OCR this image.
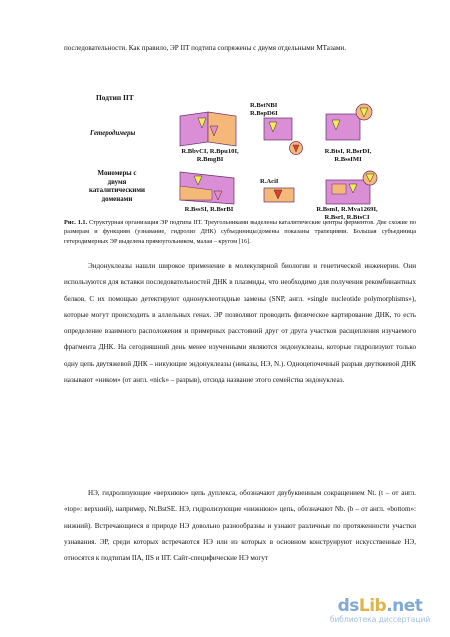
последовательности. Как правило, ЭР IIT подтипа сопряжены с двумя отдельными МТазами.

Подтип IIT
Гетеродимеры
Мономеры с
двумя
каталитическими
доменами
R.BbvCI, R.Bpu10I,
R.BmgBI
R.BstNBI
R.BspD6I
R.BtsI, R.BsrDI,
R.BssIMI
R.BssSI, R.BsrBI
R.AciI
R.BsmI, R.Mva1269I,
R.BsrI, R.BtsCI

Рис. 1.1. Структурная организация ЭР подтипа IIT. Треугольниками выделены каталитические центры ферментов. Две схожие по размерам и функциям (узнавание, гидролиз ДНК) субъединицы/домены показаны трапециями. Большая субъединица гетеродимерных ЭР выделена прямоугольником, малая – кругом [16].

Эндонуклеазы нашли широкое применение в молекулярной биологии и генетической инженерии. Они используются для вставки последовательностей ДНК в плазмиды, что необходимо для получения рекомбинантных белков. С их помощью детектируют однонуклеотидные замены (SNP, англ. «single nucleotide polymorphisms»), которые могут происходить в аллельных генах. ЭР позволяют проводить физическое картирование ДНК, то есть определение взаимного расположения и примерных расстояний друг от друга участков расщепления изучаемого фрагмента ДНК. На сегодняшний день менее изученными являются эндонуклеазы, которые гидролизуют только одну цепь двутяжевой ДНК – никующие эндонуклеазы (никазы, НЭ, N.). Одноцепочечный разрыв двутяжевой ДНК называют «ником» (от англ. «nick» – разрыв), отсюда название этого семейства эндонуклеаз.

НЭ, гидролизующие «верхнюю» цепь дуплекса, обозначают двубуквенным сокращением Nt. (t – от англ. «top»: верхний), например, Nt.BstSE. НЭ, гидролизующие «нижнюю» цепь, обозначают Nb. (b – от англ. «bottom»: нижний). Встречающиеся в природе НЭ довольно разнообразны и узнают различные по протяженности участки узнавания. ЭР, среди которых встречаются НЭ или из которых в основном конструируют искусственные НЭ, относятся к подтипам IIA, IIS и IIT. Сайт-специфические НЭ могут

dsLib.net
библиотека диссертаций
